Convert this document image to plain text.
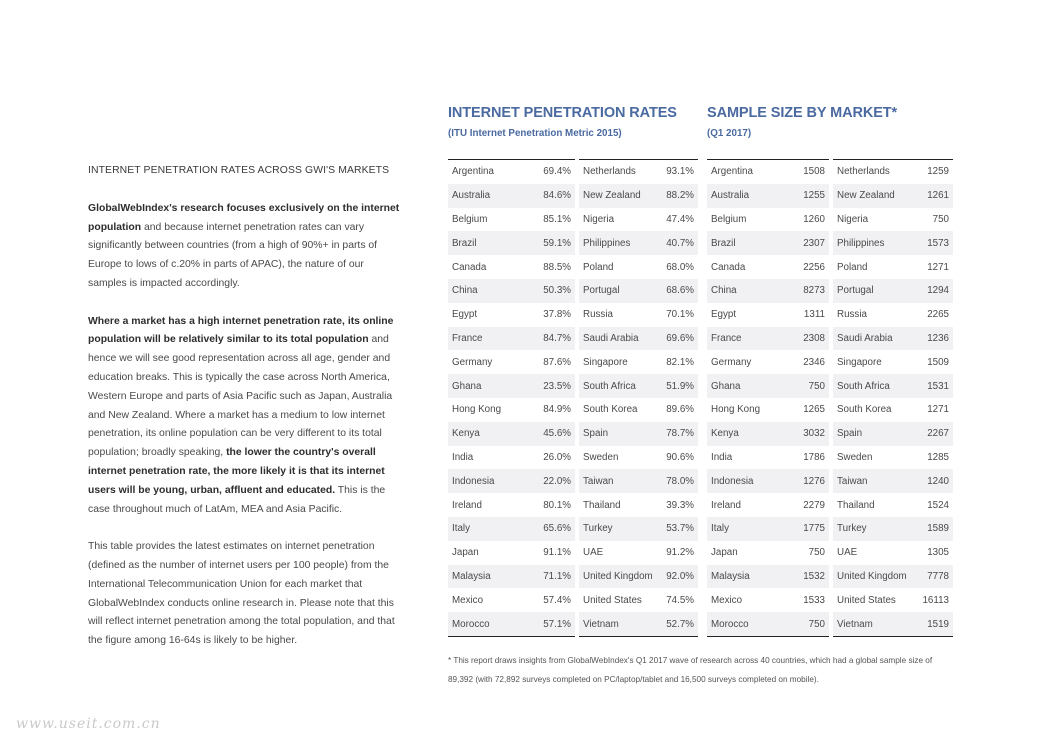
INTERNET PENETRATION RATES ACROSS GWI'S MARKETS

GlobalWebIndex's research focuses exclusively on the internet population and because internet penetration rates can vary significantly between countries (from a high of 90%+ in parts of Europe to lows of c.20% in parts of APAC), the nature of our samples is impacted accordingly.

Where a market has a high internet penetration rate, its online population will be relatively similar to its total population and hence we will see good representation across all age, gender and education breaks. This is typically the case across North America, Western Europe and parts of Asia Pacific such as Japan, Australia and New Zealand. Where a market has a medium to low internet penetration, its online population can be very different to its total population; broadly speaking, the lower the country's overall internet penetration rate, the more likely it is that its internet users will be young, urban, affluent and educated. This is the case throughout much of LatAm, MEA and Asia Pacific.

This table provides the latest estimates on internet penetration (defined as the number of internet users per 100 people) from the International Telecommunication Union for each market that GlobalWebIndex conducts online research in. Please note that this will reflect internet penetration among the total population, and that the figure among 16-64s is likely to be higher.

INTERNET PENETRATION RATES
(ITU Internet Penetration Metric 2015)
Argentina	69.4%
Australia	84.6%
Belgium	85.1%
Brazil	59.1%
Canada	88.5%
China	50.3%
Egypt	37.8%
France	84.7%
Germany	87.6%
Ghana	23.5%
Hong Kong	84.9%
Kenya	45.6%
India	26.0%
Indonesia	22.0%
Ireland	80.1%
Italy	65.6%
Japan	91.1%
Malaysia	71.1%
Mexico	57.4%
Morocco	57.1%
Netherlands	93.1%
New Zealand	88.2%
Nigeria	47.4%
Philippines	40.7%
Poland	68.0%
Portugal	68.6%
Russia	70.1%
Saudi Arabia	69.6%
Singapore	82.1%
South Africa	51.9%
South Korea	89.6%
Spain	78.7%
Sweden	90.6%
Taiwan	78.0%
Thailand	39.3%
Turkey	53.7%
UAE	91.2%
United Kingdom	92.0%
United States	74.5%
Vietnam	52.7%
SAMPLE SIZE BY MARKET*
(Q1 2017)
Argentina	1508
Australia	1255
Belgium	1260
Brazil	2307
Canada	2256
China	8273
Egypt	1311
France	2308
Germany	2346
Ghana	750
Hong Kong	1265
Kenya	3032
India	1786
Indonesia	1276
Ireland	2279
Italy	1775
Japan	750
Malaysia	1532
Mexico	1533
Morocco	750
Netherlands	1259
New Zealand	1261
Nigeria	750
Philippines	1573
Poland	1271
Portugal	1294
Russia	2265
Saudi Arabia	1236
Singapore	1509
South Africa	1531
South Korea	1271
Spain	2267
Sweden	1285
Taiwan	1240
Thailand	1524
Turkey	1589
UAE	1305
United Kingdom	7778
United States	16113
Vietnam	1519
* This report draws insights from GlobalWebIndex's Q1 2017 wave of research across 40 countries, which had a global sample size of 89,392 (with 72,892 surveys completed on PC/laptop/tablet and 16,500 surveys completed on mobile).
www.useit.com.cn
